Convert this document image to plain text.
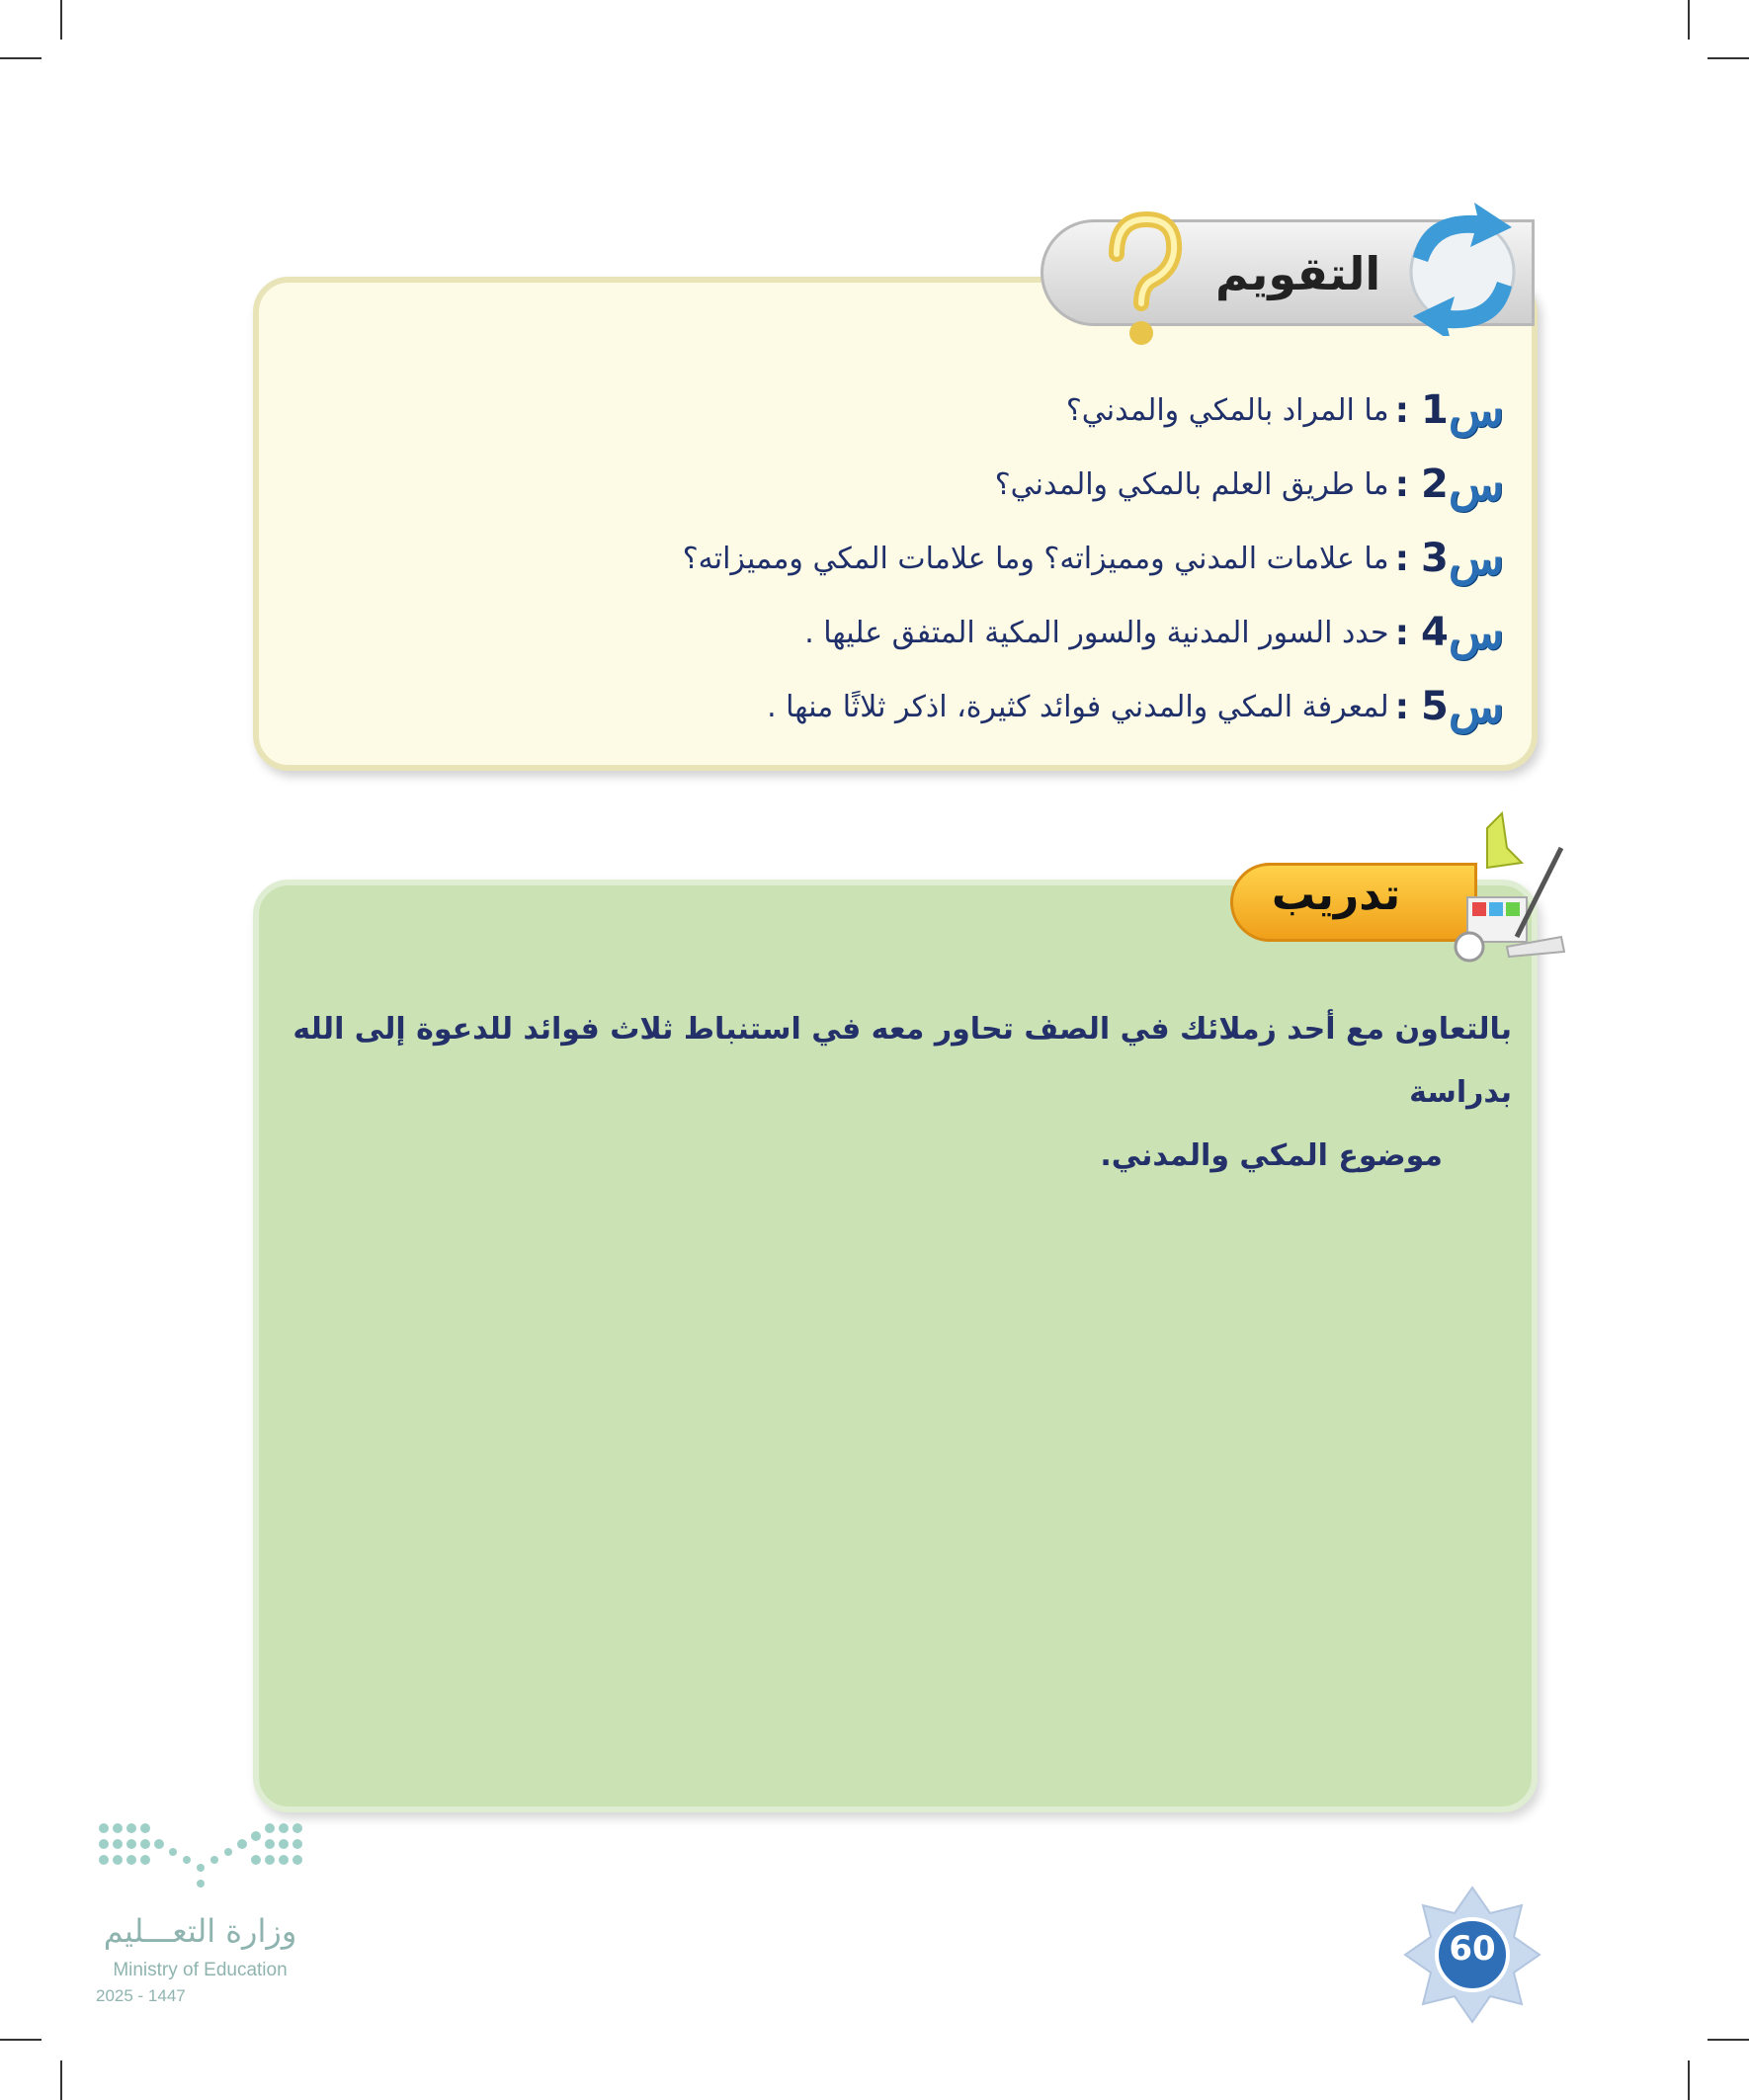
التقويم
س
1
:
ما المراد بالمكي والمدني؟
س
2
:
ما طريق العلم بالمكي والمدني؟
س
3
:
ما علامات المدني ومميزاته؟ وما علامات المكي ومميزاته؟
س
4
:
حدد السور المدنية والسور المكية المتفق عليها .
س
5
:
لمعرفة المكي والمدني فوائد كثيرة، اذكر ثلاثًا منها .
تدريب
بالتعاون مع أحد زملائك في الصف تحاور معه في استنباط ثلاث فوائد للدعوة إلى الله بدراسة
موضوع المكي والمدني.
وزارة التعـــليم
Ministry of Education
2025 - 1447
60
